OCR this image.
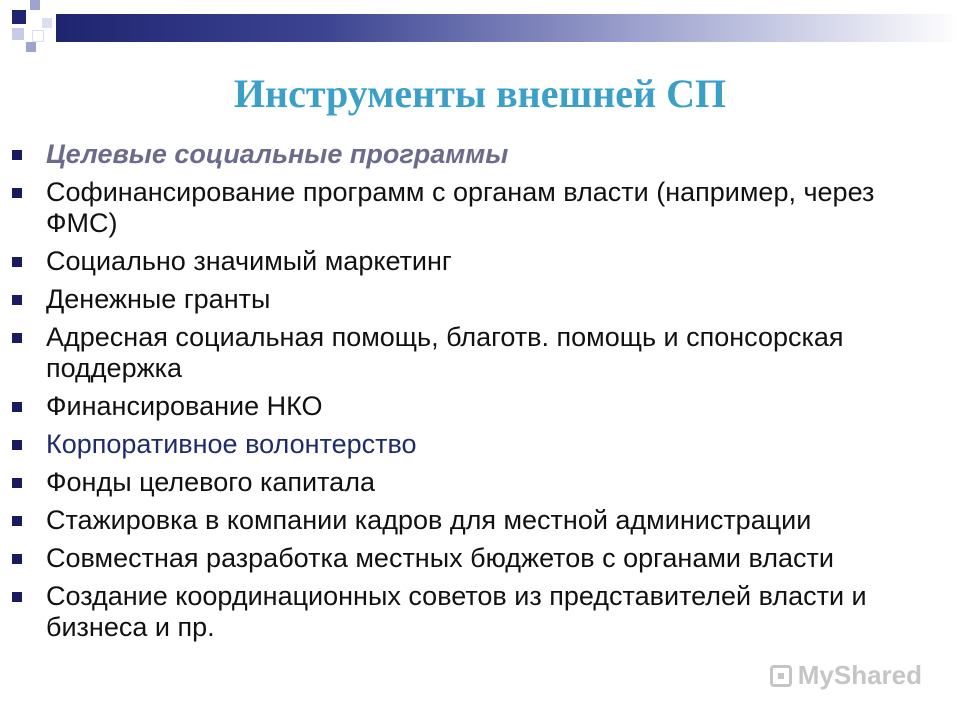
Инструменты внешней СП
Целевые социальные программы
Софинансирование программ с органам власти (например, через ФМС)
Социально значимый маркетинг
Денежные гранты
Адресная социальная помощь, благотв. помощь и спонсорская поддержка
Финансирование НКО
Корпоративное волонтерство
Фонды целевого капитала
Стажировка в компании кадров для местной администрации
Совместная разработка местных бюджетов с органами власти
Создание координационных советов из представителей власти и бизнеса и пр.
MyShared
